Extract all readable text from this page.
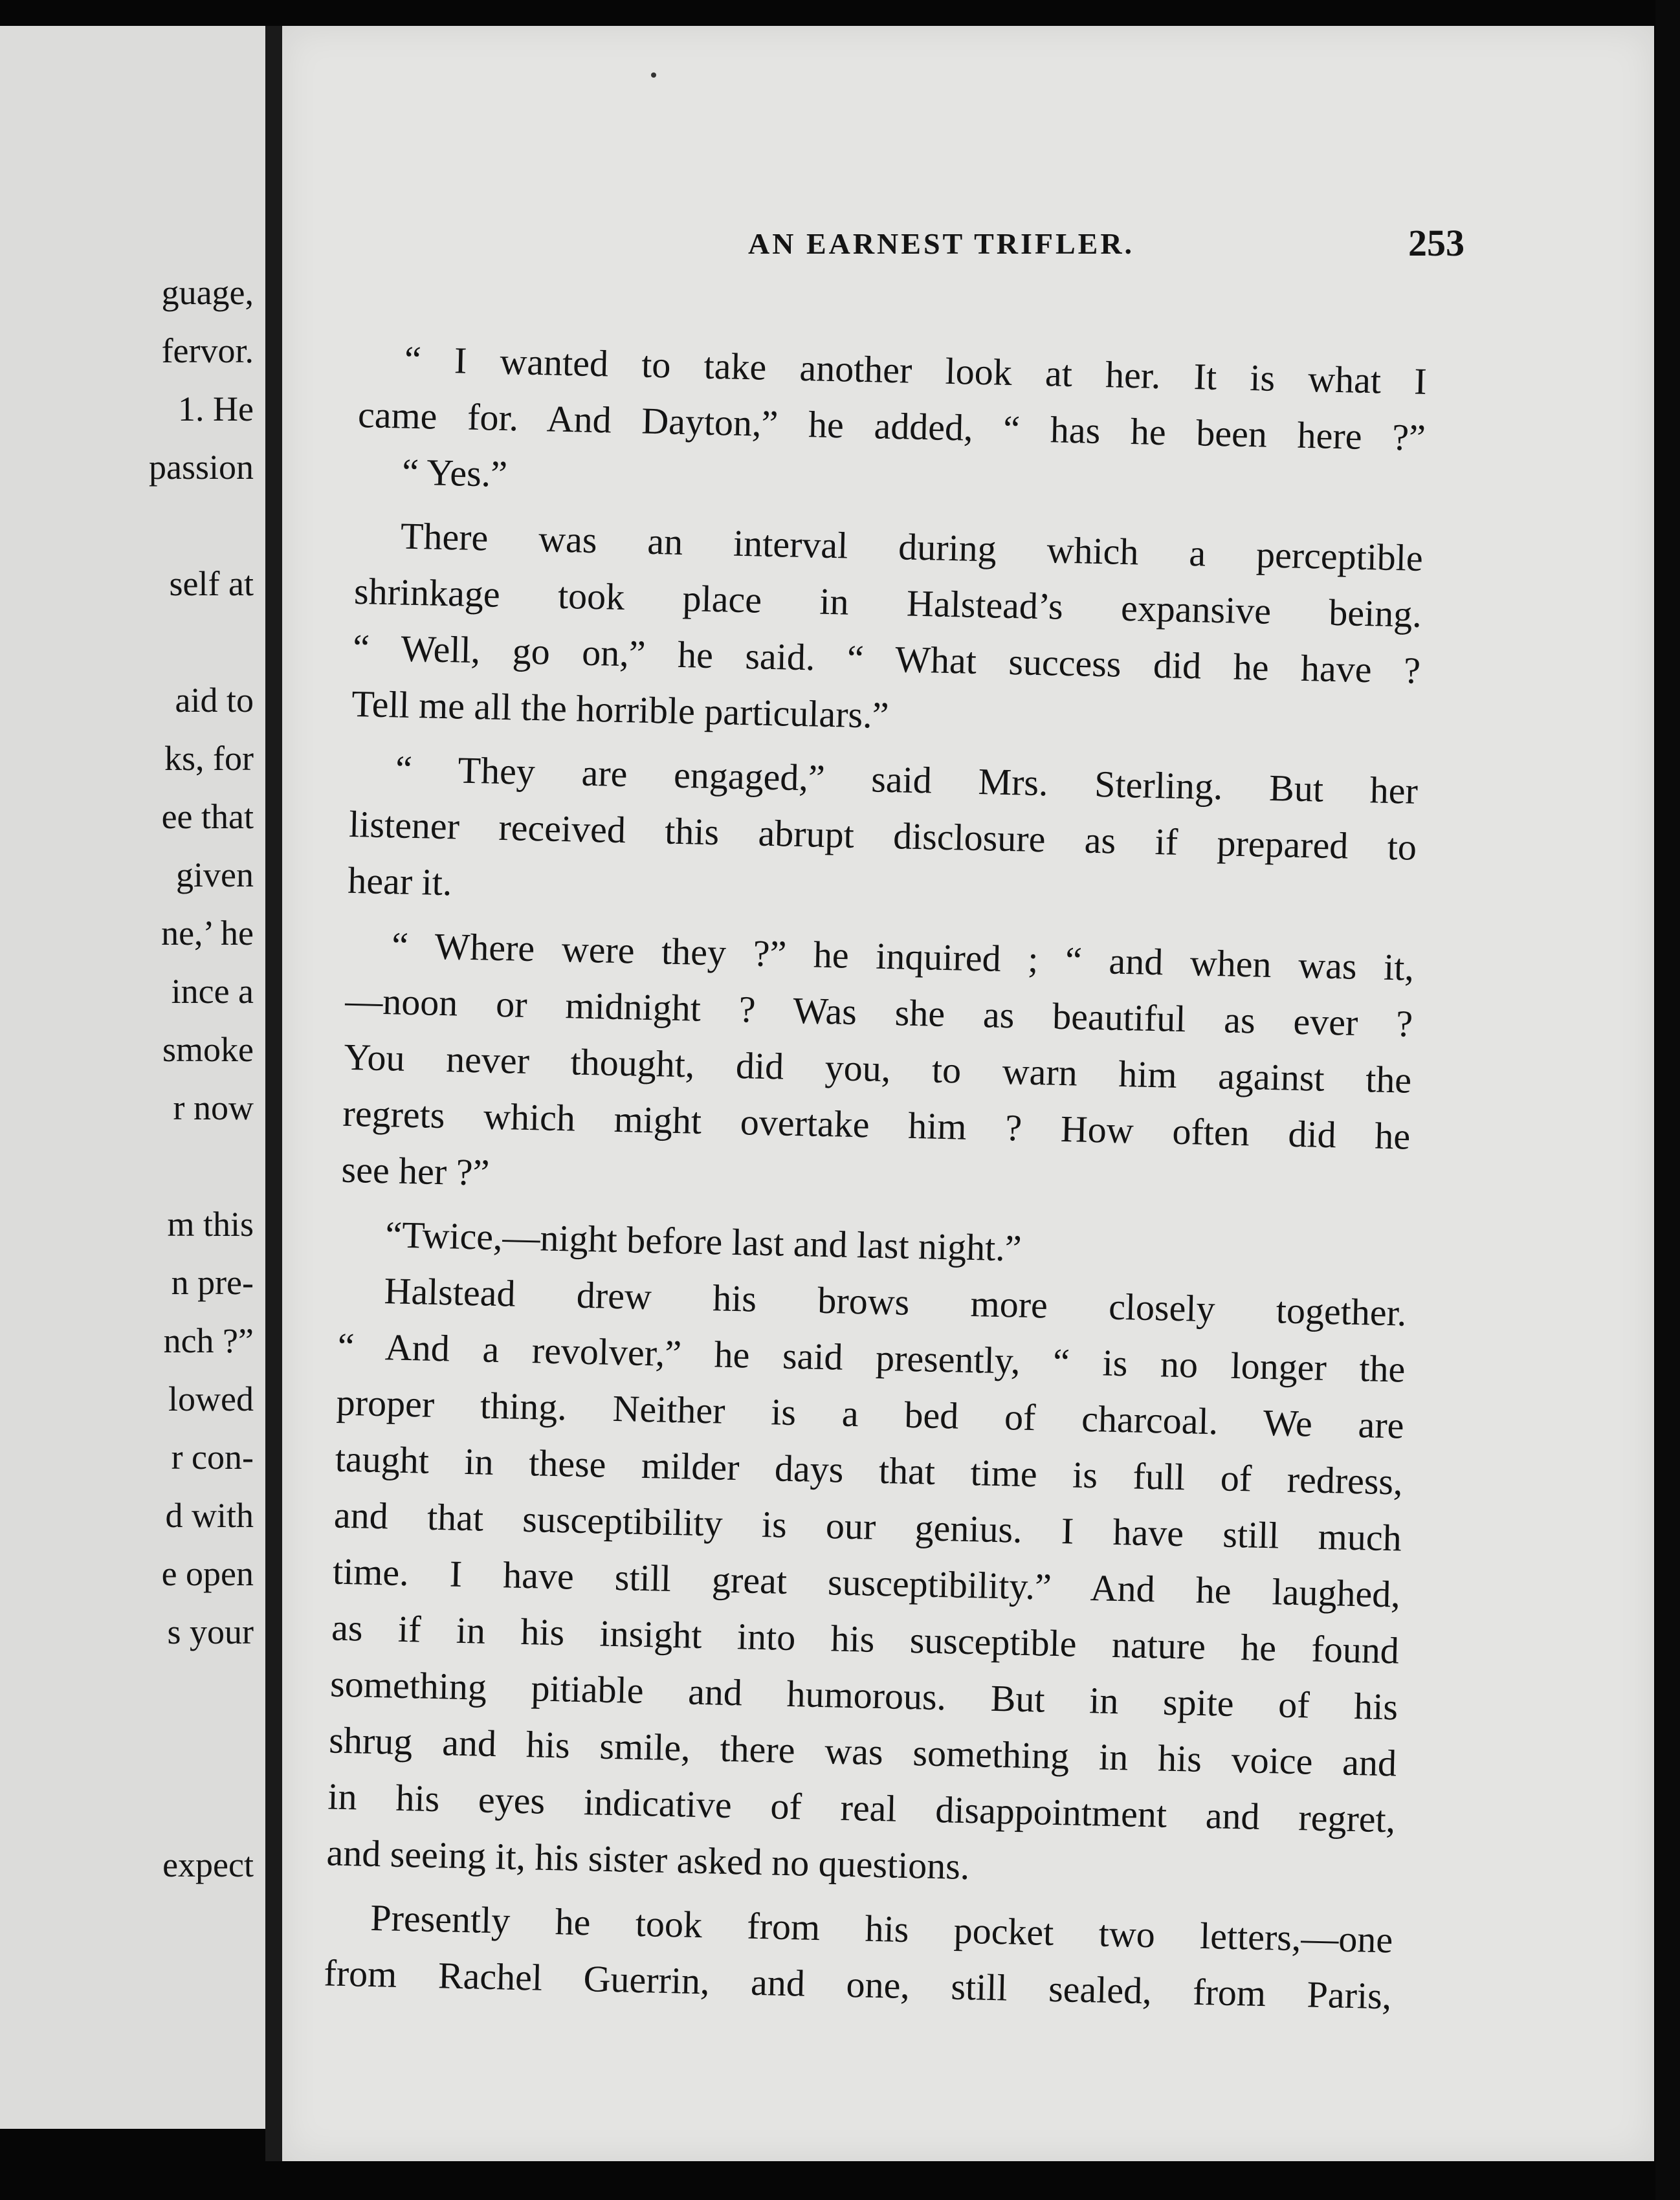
guage,
fervor.
1. He
passion
self at
aid to
ks, for
ee that
given
ne,’ he
ince a
smoke
r now
m this
n pre-
nch ?”
lowed
r con-
d with
e open
s your
expect
AN EARNEST TRIFLER.	253
“ I wanted to take another look at her. It is what I
came for. And Dayton,” he added, “ has he been here ?”
“ Yes.”
There was an interval during which a perceptible
shrinkage took place in Halstead’s expansive being.
“ Well, go on,” he said. “ What success did he have ?
Tell me all the horrible particulars.”
“ They are engaged,” said Mrs. Sterling. But her
listener received this abrupt disclosure as if prepared to
hear it.
“ Where were they ?” he inquired ; “ and when was it,
—noon or midnight ? Was she as beautiful as ever ?
You never thought, did you, to warn him against the
regrets which might overtake him ? How often did he
see her ?”
“Twice,—night before last and last night.”
Halstead drew his brows more closely together.
“ And a revolver,” he said presently, “ is no longer the
proper thing. Neither is a bed of charcoal. We are
taught in these milder days that time is full of redress,
and that susceptibility is our genius. I have still much
time. I have still great susceptibility.” And he laughed,
as if in his insight into his susceptible nature he found
something pitiable and humorous. But in spite of his
shrug and his smile, there was something in his voice and
in his eyes indicative of real disappointment and regret,
and seeing it, his sister asked no questions.
Presently he took from his pocket two letters,—one
from Rachel Guerrin, and one, still sealed, from Paris,
